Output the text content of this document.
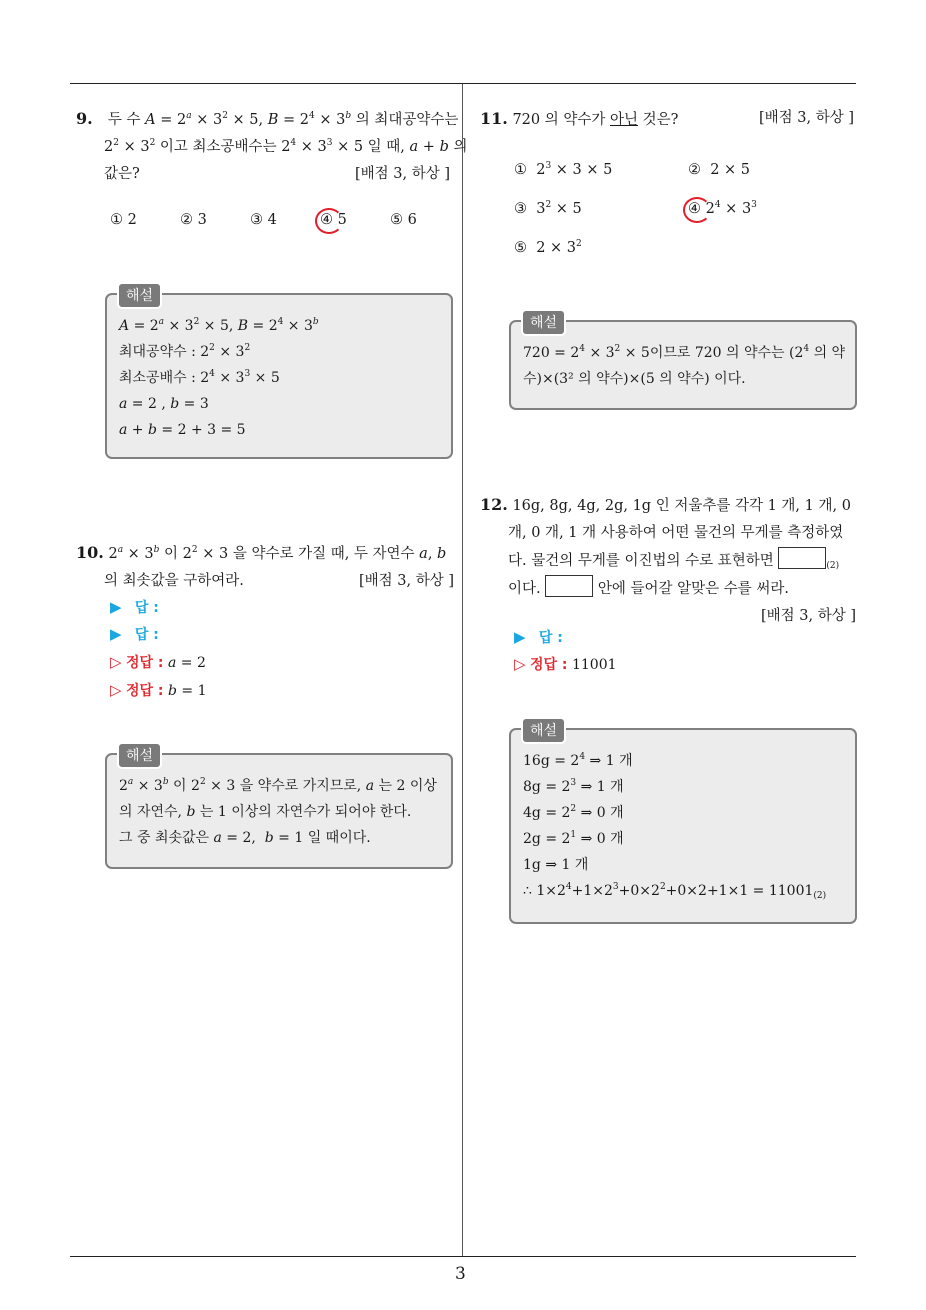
3
9. 두 수 $A = 2^a \times 3^2 \times 5$, $B = 2^4 \times 3^b$ 의 최대공약수는
$2^2 \times 3^2$ 이고 최소공배수는 $2^4 \times 3^3 \times 5$ 일 때, a + b 의
값은?	[배점 3, 하상 ]
① 2	② 3	③ 4	④ 5	⑤ 6
$A = 2^a \times 3^2 \times 5$, $B = 2^4 \times 3^b$
최대공약수 : $2^2 \times 3^2$
최소공배수 : $2^4 \times 3^3 \times 5$
a = 2 , b = 3
a + b = 2 + 3 = 5
해설
10. $2^a \times 3^b$ 이 $2^2 \times 3$ 을 약수로 가질 때, 두 자연수 a, b
의 최솟값을 구하여라.	[배점 3, 하상 ]
▶ 답 :
▶ 답 :
▷ 정답 : a = 2
▷ 정답 : b = 1
$2^a \times 3^b$ 이 $2^2 \times 3$ 을 약수로 가지므로, a 는 2 이상
의 자연수, b 는 1 이상의 자연수가 되어야 한다.
그 중 최솟값은 a = 2,  b = 1 일 때이다.
해설
11. 720 의 약수가 아닌 것은?	[배점 3, 하상 ]
①  $2^3 \times 3 \times 5$	②  2 × 5
③  $3^2 \times 5$	④ $2^4 \times 3^3$
⑤  $2 \times 3^2$
$720 = 2^4 \times 3^2 \times 5$이므로 720 의 약수는 ($2^4$ 의 약
수)×(3² 의 약수)×(5 의 약수) 이다.
해설
12. 16g, 8g, 4g, 2g, 1g 인 저울추를 각각 1 개, 1 개, 0
개, 0 개, 1 개 사용하여 어떤 물건의 무게를 측정하였
다. 물건의 무게를 이진법의 수로 표현하면	$_{(2)}$
이다.	안에 들어갈 알맞은 수를 써라.
[배점 3, 하상 ]
▶ 답 :
▷ 정답 : 11001
$16g = 2^4$ ⇒ 1 개
$8g = 2^3$ ⇒ 1 개
$4g = 2^2$ ⇒ 0 개
$2g = 2^1$ ⇒ 0 개
1g ⇒ 1 개
∴ $1\times 2^4+1\times 2^3+0\times 2^2+0\times 2+1\times 1 = 11001_{(2)}$
해설
